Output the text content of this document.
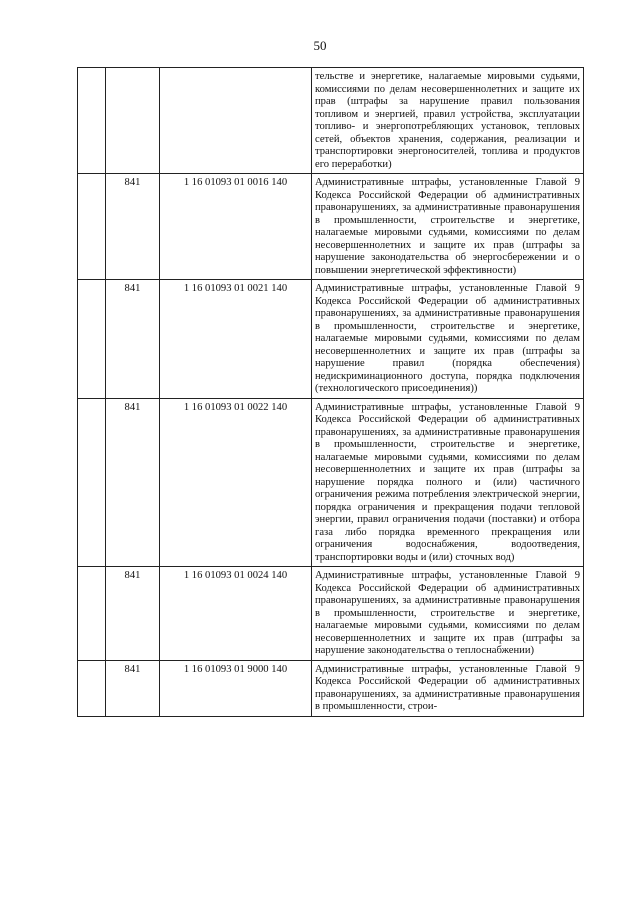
50
			тельстве и энергетике, налагаемые мировыми судьями, комиссиями по делам несовершеннолетних и защите их прав (штрафы за нарушение правил пользования топливом и энергией, правил устройства, эксплуатации топливо- и энергопотребляющих установок, тепловых сетей, объектов хранения, содержания, реализации и транспортировки энергоносителей, топлива и продуктов его переработки)
	841	1 16 01093 01 0016 140	Административные штрафы, установленные Главой 9 Кодекса Российской Федерации об административных правонарушениях, за административные правонарушения в промышленности, строительстве и энергетике, налагаемые мировыми судьями, комиссиями по делам несовершеннолетних и защите их прав (штрафы за нарушение законодательства об энергосбережении и о повышении энергетической эффективности)
	841	1 16 01093 01 0021 140	Административные штрафы, установленные Главой 9 Кодекса Российской Федерации об административных правонарушениях, за административные правонарушения в промышленности, строительстве и энергетике, налагаемые мировыми судьями, комиссиями по делам несовершеннолетних и защите их прав (штрафы за нарушение правил (порядка обеспечения) недискриминационного доступа, порядка подключения (технологического присоединения))
	841	1 16 01093 01 0022 140	Административные штрафы, установленные Главой 9 Кодекса Российской Федерации об административных правонарушениях, за административные правонарушения в промышленности, строительстве и энергетике, налагаемые мировыми судьями, комиссиями по делам несовершеннолетних и защите их прав (штрафы за нарушение порядка полного и (или) частичного ограничения режима потребления электрической энергии, порядка ограничения и прекращения подачи тепловой энергии, правил ограничения подачи (поставки) и отбора газа либо порядка временного прекращения или ограничения водоснабжения, водоотведения, транспортировки воды и (или) сточных вод)
	841	1 16 01093 01 0024 140	Административные штрафы, установленные Главой 9 Кодекса Российской Федерации об административных правонарушениях, за административные правонарушения в промышленности, строительстве и энергетике, налагаемые мировыми судьями, комиссиями по делам несовершеннолетних и защите их прав (штрафы за нарушение законодательства о теплоснабжении)
	841	1 16 01093 01 9000 140	Административные штрафы, установленные Главой 9 Кодекса Российской Федерации об административных правонарушениях, за административные правонарушения в промышленности, строи-
